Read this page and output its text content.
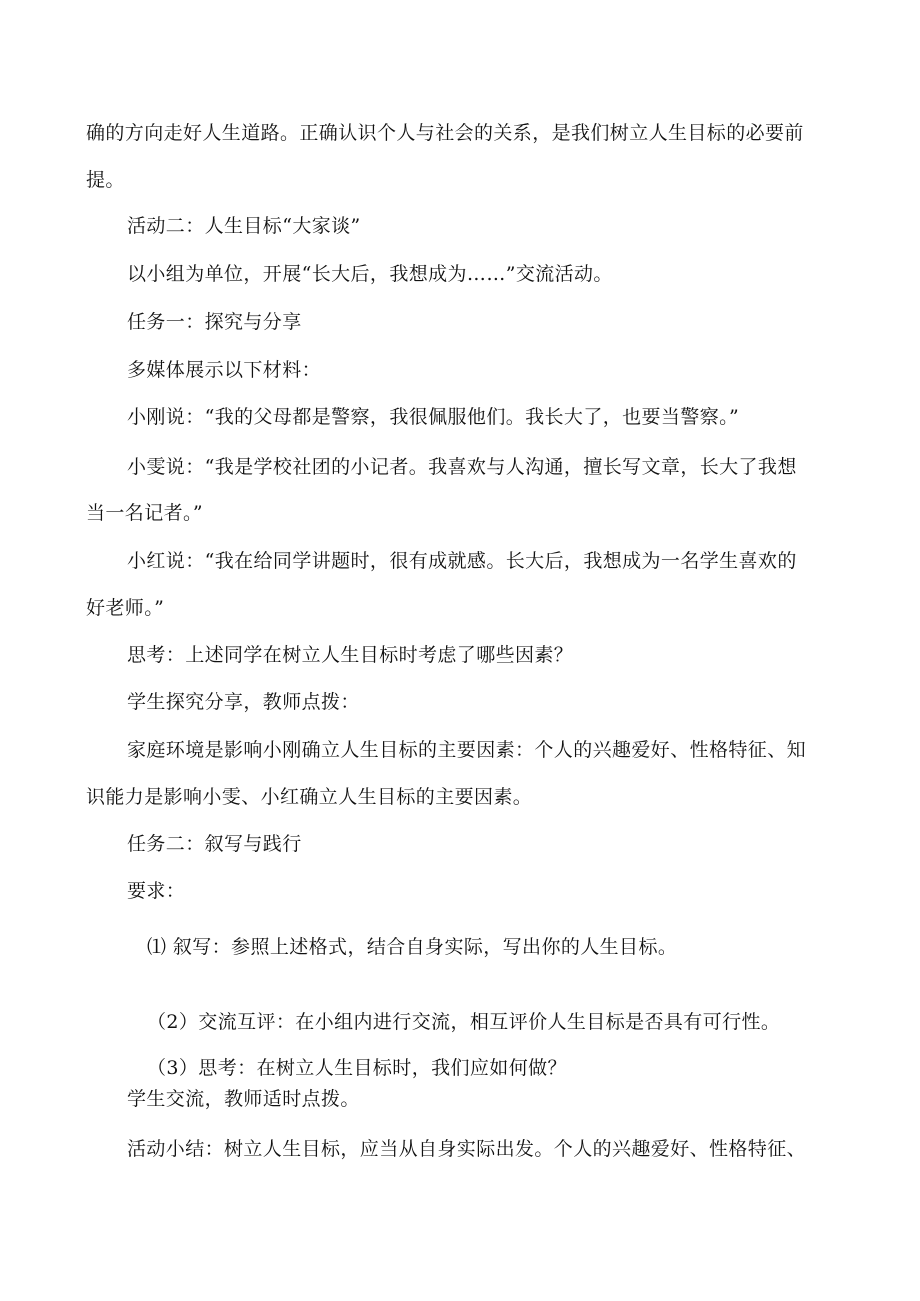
确的方向走好人生道路。正确认识个人与社会的关系，是我们树立人生目标的必要前

提。

活动二：人生目标“大家谈”

以小组为单位，开展“长大后，我想成为……”交流活动。

任务一：探究与分享

多媒体展示以下材料：

小刚说：“我的父母都是警察，我很佩服他们。我长大了，也要当警察。”

小雯说：“我是学校社团的小记者。我喜欢与人沟通，擅长写文章，长大了我想

当一名记者。”

小红说：“我在给同学讲题时，很有成就感。长大后，我想成为一名学生喜欢的

好老师。”

思考：上述同学在树立人生目标时考虑了哪些因素？

学生探究分享，教师点拨：

家庭环境是影响小刚确立人生目标的主要因素：个人的兴趣爱好、性格特征、知

识能力是影响小雯、小红确立人生目标的主要因素。

任务二：叙写与践行

要求：

⑴ 叙写：参照上述格式，结合自身实际，写出你的人生目标。

（2）交流互评：在小组内进行交流，相互评价人生目标是否具有可行性。

（3）思考：在树立人生目标时，我们应如何做？

学生交流，教师适时点拨。

活动小结：树立人生目标，应当从自身实际出发。个人的兴趣爱好、性格特征、
